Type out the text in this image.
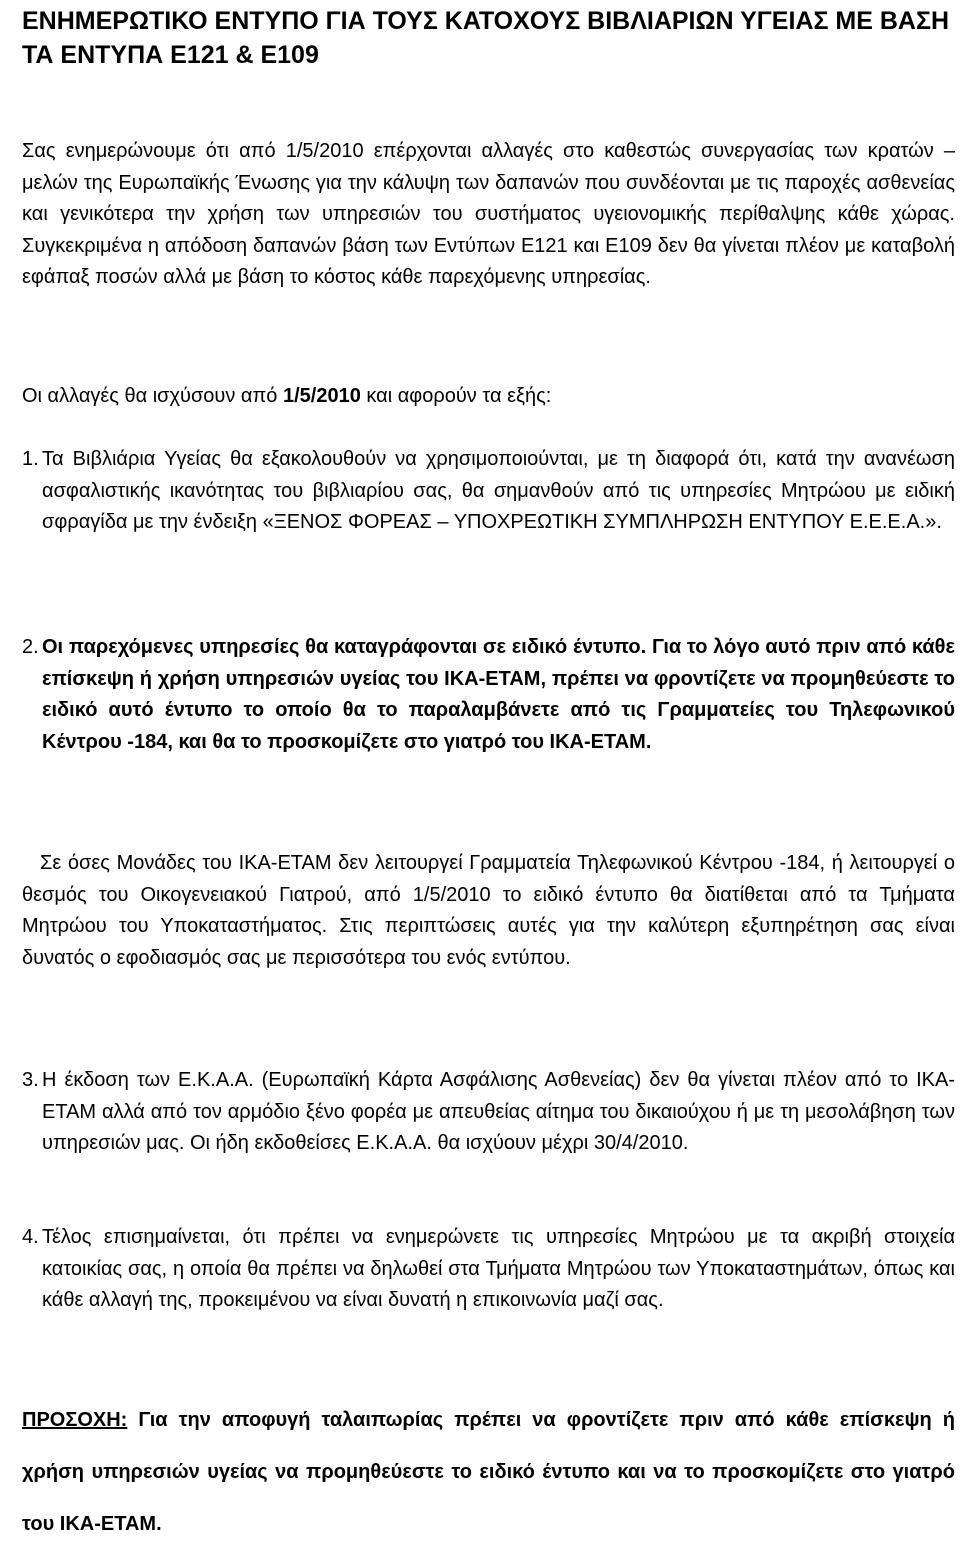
ΕΝΗΜΕΡΩΤΙΚΟ ΕΝΤΥΠΟ ΓΙΑ ΤΟΥΣ ΚΑΤΟΧΟΥΣ ΒΙΒΛΙΑΡΙΩΝ ΥΓΕΙΑΣ ΜΕ ΒΑΣΗ ΤΑ ΕΝΤΥΠΑ Ε121 & Ε109

Σας ενημερώνουμε ότι από 1/5/2010 επέρχονται αλλαγές στο καθεστώς συνεργασίας των κρατών – μελών της Ευρωπαϊκής Ένωσης για την κάλυψη των δαπανών που συνδέονται με τις παροχές ασθενείας και γενικότερα την χρήση των υπηρεσιών του συστήματος υγειονομικής περίθαλψης κάθε χώρας. Συγκεκριμένα η απόδοση δαπανών βάση των Εντύπων Ε121 και Ε109 δεν θα γίνεται πλέον με καταβολή εφάπαξ ποσών αλλά με βάση το κόστος κάθε παρεχόμενης υπηρεσίας.

Οι αλλαγές θα ισχύσουν από 1/5/2010 και αφορούν τα εξής:

1. Τα Βιβλιάρια Υγείας θα εξακολουθούν να χρησιμοποιούνται, με τη διαφορά ότι, κατά την ανανέωση ασφαλιστικής ικανότητας του βιβλιαρίου σας, θα σημανθούν από τις υπηρεσίες Μητρώου με ειδική σφραγίδα με την ένδειξη «ΞΕΝΟΣ ΦΟΡΕΑΣ – ΥΠΟΧΡΕΩΤΙΚΗ ΣΥΜΠΛΗΡΩΣΗ ΕΝΤΥΠΟΥ Ε.Ε.Ε.Α.».

2. Οι παρεχόμενες υπηρεσίες θα καταγράφονται σε ειδικό έντυπο. Για το λόγο αυτό πριν από κάθε επίσκεψη ή χρήση υπηρεσιών υγείας του ΙΚΑ-ΕΤΑΜ, πρέπει να φροντίζετε να προμηθεύεστε το ειδικό αυτό έντυπο το οποίο θα το παραλαμβάνετε από τις Γραμματείες του Τηλεφωνικού Κέντρου -184, και θα το προσκομίζετε στο γιατρό του ΙΚΑ-ΕΤΑΜ.

Σε όσες Μονάδες του ΙΚΑ-ΕΤΑΜ δεν λειτουργεί Γραμματεία Τηλεφωνικού Κέντρου -184, ή λειτουργεί ο θεσμός του Οικογενειακού Γιατρού, από 1/5/2010 το ειδικό έντυπο θα διατίθεται από τα Τμήματα Μητρώου του Υποκαταστήματος. Στις περιπτώσεις αυτές για την καλύτερη εξυπηρέτηση σας είναι δυνατός ο εφοδιασμός σας με περισσότερα του ενός εντύπου.

3. Η έκδοση των Ε.Κ.Α.Α. (Ευρωπαϊκή Κάρτα Ασφάλισης Ασθενείας) δεν θα γίνεται πλέον από το ΙΚΑ-ΕΤΑΜ αλλά από τον αρμόδιο ξένο φορέα με απευθείας αίτημα του δικαιούχου ή με τη μεσολάβηση των υπηρεσιών μας. Οι ήδη εκδοθείσες Ε.Κ.Α.Α. θα ισχύουν μέχρι 30/4/2010.

4. Τέλος επισημαίνεται, ότι πρέπει να ενημερώνετε τις υπηρεσίες Μητρώου με τα ακριβή στοιχεία κατοικίας σας, η οποία θα πρέπει να δηλωθεί στα Τμήματα Μητρώου των Υποκαταστημάτων, όπως και κάθε αλλαγή της, προκειμένου να είναι δυνατή η επικοινωνία μαζί σας.

ΠΡΟΣΟΧΗ: Για την αποφυγή ταλαιπωρίας πρέπει να φροντίζετε πριν από κάθε επίσκεψη ή χρήση υπηρεσιών υγείας να προμηθεύεστε το ειδικό έντυπο και να το προσκομίζετε στο γιατρό του ΙΚΑ-ΕΤΑΜ.
